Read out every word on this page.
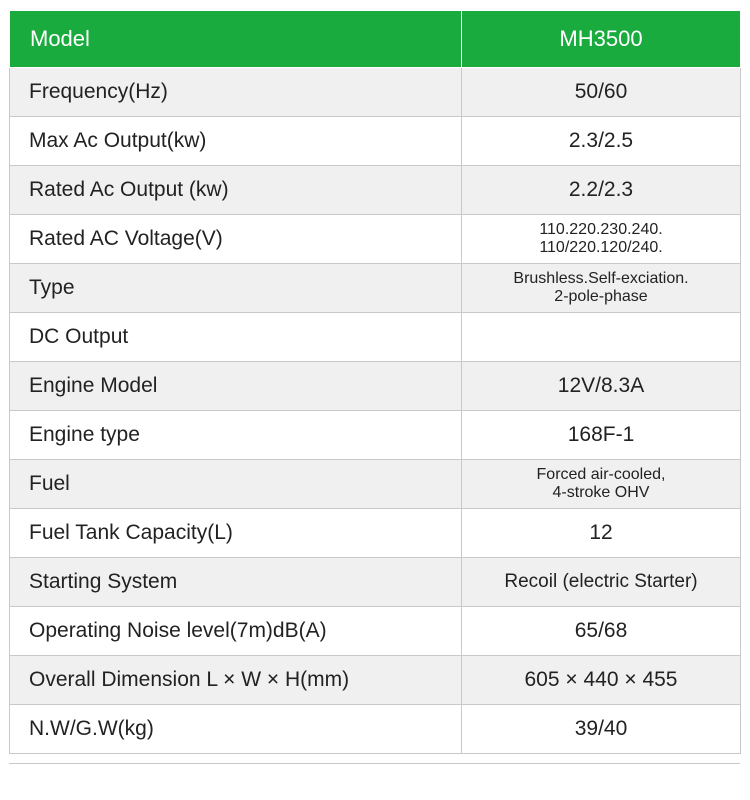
Model	MH3500
Frequency(Hz)	50/60
Max Ac Output(kw)	2.3/2.5
Rated Ac Output (kw)	2.2/2.3
Rated AC Voltage(V)	110.220.230.240.
110/220.120/240.

Type	Brushless.Self-exciation.
2-pole-phase

DC Output	
Engine Model	12V/8.3A
Engine type	168F-1
Fuel	Forced air-cooled,
4-stroke OHV

Fuel Tank Capacity(L)	12
Starting System	Recoil (electric Starter)
Operating Noise level(7m)dB(A)	65/68
Overall Dimension L × W × H(mm)	605 × 440 × 455
N.W/G.W(kg)	39/40
